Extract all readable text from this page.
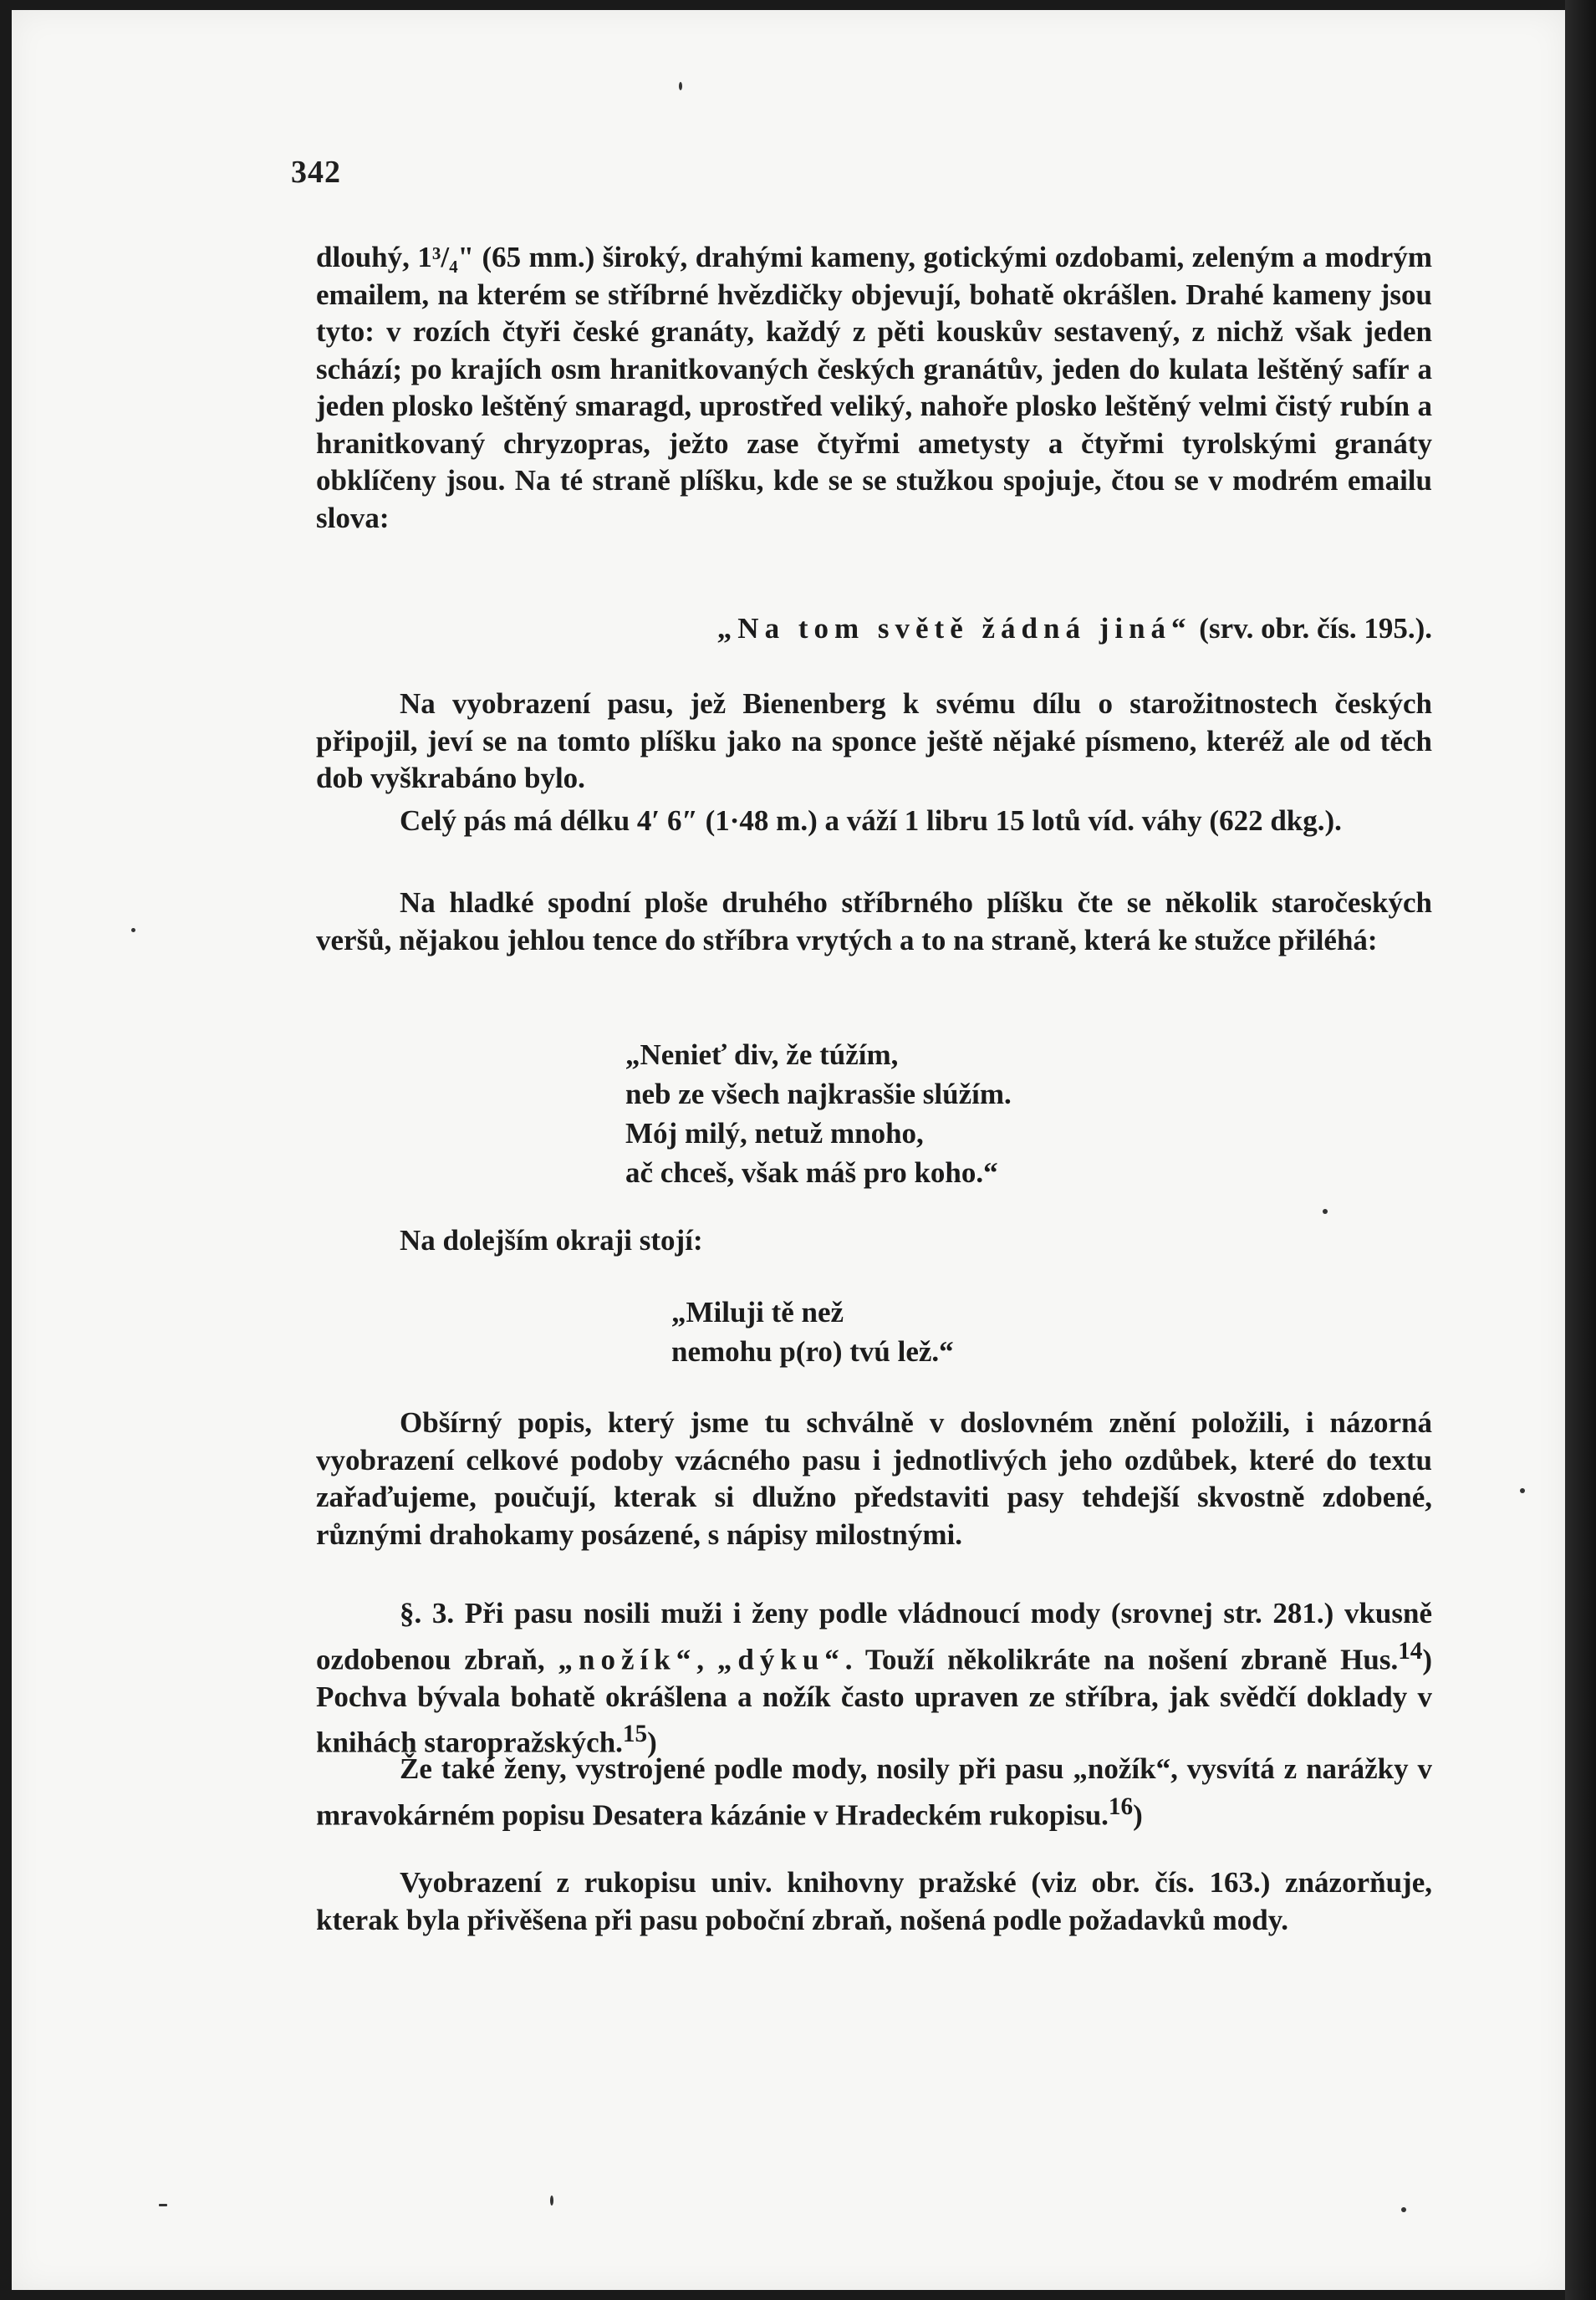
342

dlouhý, 1³/₄" (65 mm.) široký, drahými kameny, gotickými ozdobami, zeleným a modrým emailem, na kterém se stříbrné hvězdičky objevují, bohatě okrášlen. Drahé kameny jsou tyto: v rozích čtyři české granáty, každý z pěti kouskův sestavený, z nichž však jeden schází; po krajích osm hranitkovaných českých granátův, jeden do kulata leštěný safír a jeden plosko leštěný smaragd, uprostřed veliký, nahoře plosko leštěný velmi čistý rubín a hranitkovaný chryzopras, ježto zase čtyřmi ametysty a čtyřmi tyrolskými granáty obklíčeny jsou. Na té straně plíšku, kde se se stužkou spojuje, čtou se v modrém emailu slova:

„Na tom světě žádná jiná“ (srv. obr. čís. 195.).

Na vyobrazení pasu, jež Bienenberg k svému dílu o starožitnostech českých připojil, jeví se na tomto plíšku jako na sponce ještě nějaké písmeno, kteréž ale od těch dob vyškrabáno bylo.

Celý pás má délku 4′ 6″ (1·48 m.) a váží 1 libru 15 lotů víd. váhy (622 dkg.).

Na hladké spodní ploše druhého stříbrného plíšku čte se několik staročeských veršů, nějakou jehlou tence do stříbra vrytých a to na straně, která ke stužce přiléhá:

„Nenieť div, že túžím,
neb ze všech najkrasšie slúžím.
Mój milý, netuž mnoho,
ač chceš, však máš pro koho.“

Na dolejším okraji stojí:

„Miluji tě než
nemohu p(ro) tvú lež.“

Obšírný popis, který jsme tu schválně v doslovném znění položili, i názorná vyobrazení celkové podoby vzácného pasu i jednotlivých jeho ozdůbek, které do textu zařaďujeme, poučují, kterak si dlužno představiti pasy tehdejší skvostně zdobené, různými drahokamy posázené, s nápisy milostnými.

§. 3. Při pasu nosili muži i ženy podle vládnoucí mody (srovnej str. 281.) vkusně ozdobenou zbraň, „nožík“, „dýku“. Touží několikráte na nošení zbraně Hus.$^{14}$) Pochva bývala bohatě okrášlena a nožík často upraven ze stříbra, jak svědčí doklady v knihách staropražských.$^{15}$)

Že také ženy, vystrojené podle mody, nosily při pasu „nožík“, vysvítá z narážky v mravokárném popisu Desatera kázánie v Hradeckém rukopisu.$^{16}$)

Vyobrazení z rukopisu univ. knihovny pražské (viz obr. čís. 163.) znázorňuje, kterak byla přivěšena při pasu poboční zbraň, nošená podle požadavků mody.
